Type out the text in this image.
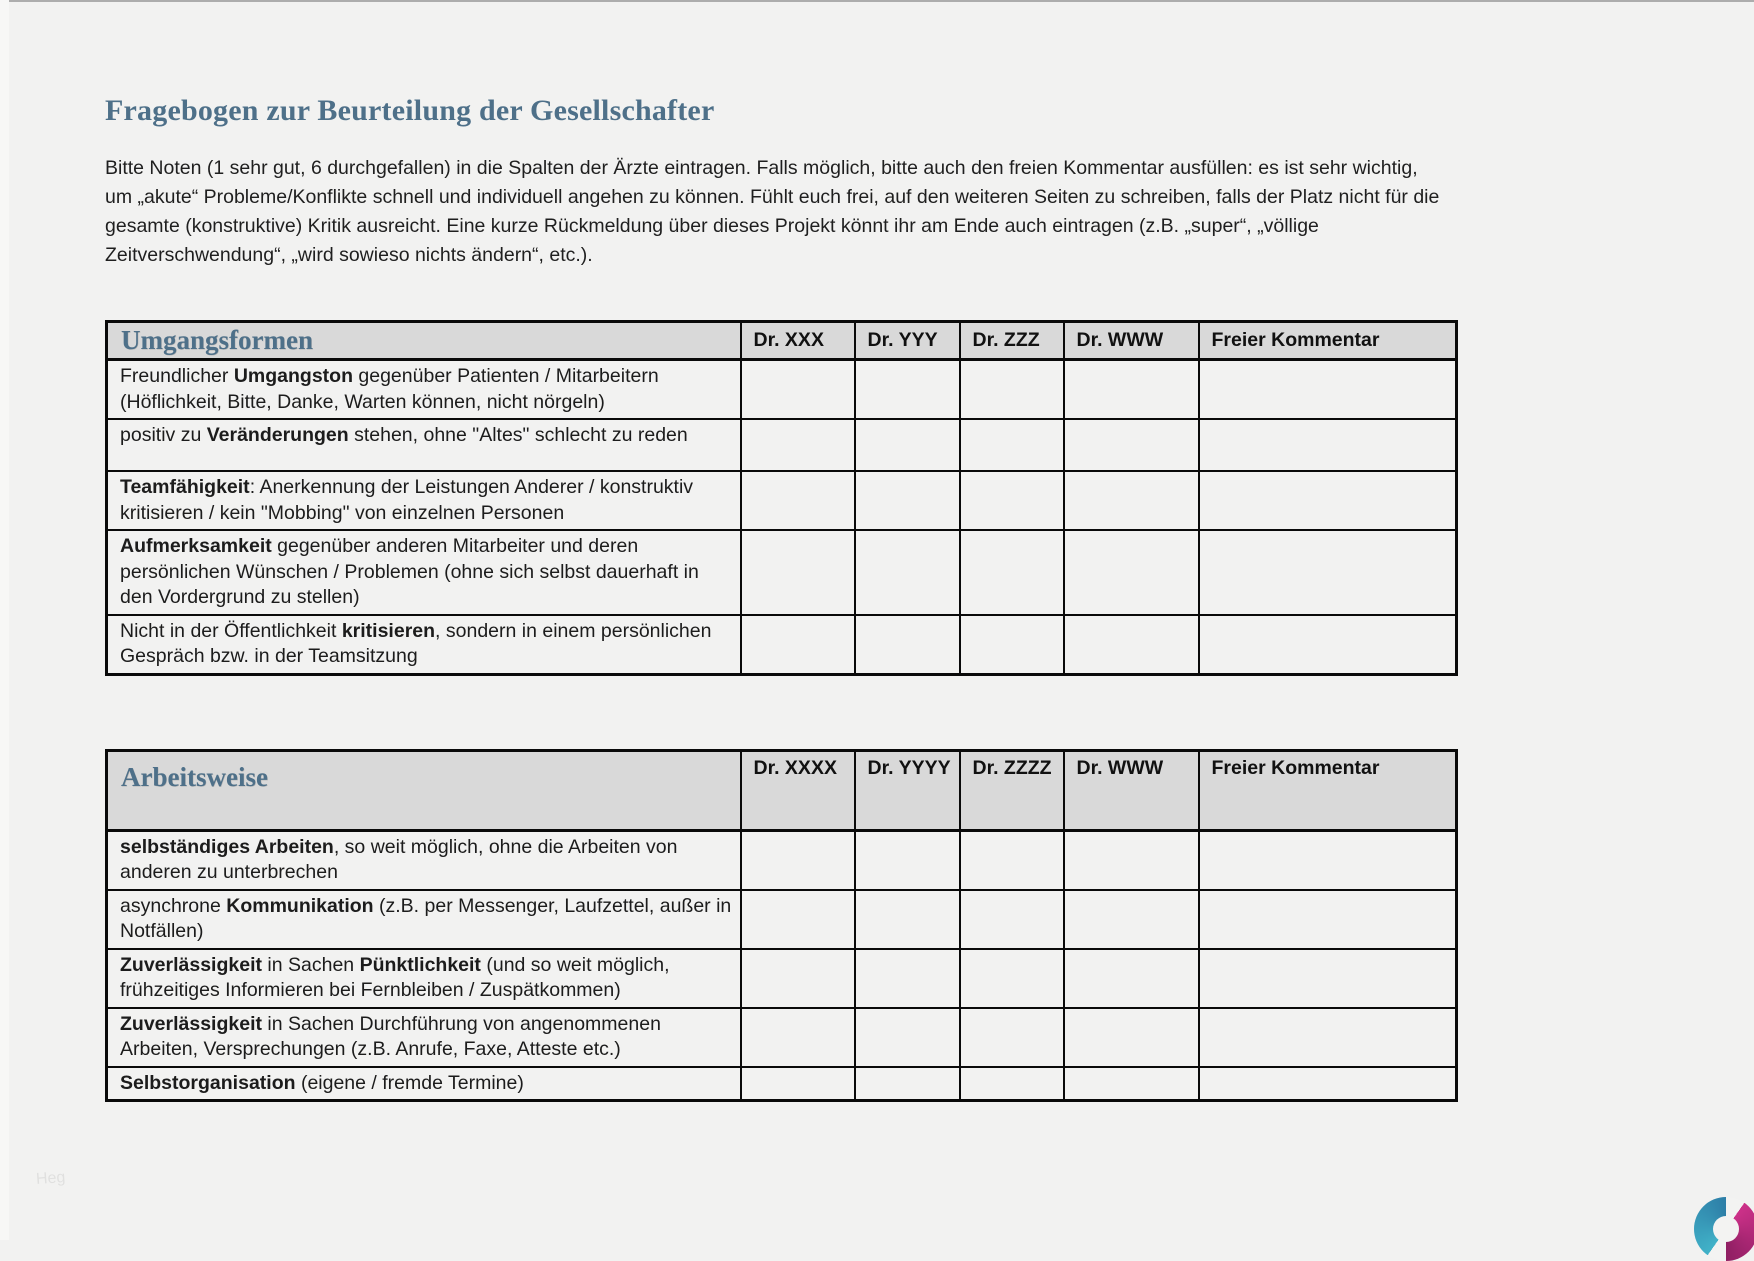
Fragebogen zur Beurteilung der Gesellschafter

Bitte Noten (1 sehr gut, 6 durchgefallen) in die Spalten der Ärzte eintragen. Falls möglich, bitte auch den freien Kommentar ausfüllen: es ist sehr wichtig, um „akute“ Probleme/Konflikte schnell und individuell angehen zu können. Fühlt euch frei, auf den weiteren Seiten zu schreiben, falls der Platz nicht für die gesamte (konstruktive) Kritik ausreicht. Eine kurze Rückmeldung über dieses Projekt könnt ihr am Ende auch eintragen (z.B. „super“, „völlige Zeitverschwendung“, „wird sowieso nichts ändern“, etc.).

Umgangsformen	Dr. XXX	Dr. YYY	Dr. ZZZ	Dr. WWW	Freier Kommentar
Freundlicher Umgangston gegenüber Patienten / Mitarbeitern (Höflichkeit, Bitte, Danke, Warten können, nicht nörgeln)					
positiv zu Veränderungen stehen, ohne "Altes" schlecht zu reden					
Teamfähigkeit: Anerkennung der Leistungen Anderer / konstruktiv kritisieren / kein "Mobbing" von einzelnen Personen					
Aufmerksamkeit gegenüber anderen Mitarbeiter und deren persönlichen Wünschen / Problemen (ohne sich selbst dauerhaft in den Vordergrund zu stellen)					
Nicht in der Öffentlichkeit kritisieren, sondern in einem persönlichen Gespräch bzw. in der Teamsitzung					
Arbeitsweise	Dr. XXXX	Dr. YYYY	Dr. ZZZZ	Dr. WWW	Freier Kommentar
selbständiges Arbeiten, so weit möglich, ohne die Arbeiten von anderen zu unterbrechen					
asynchrone Kommunikation (z.B. per Messenger, Laufzettel, außer in Notfällen)					
Zuverlässigkeit in Sachen Pünktlichkeit (und so weit möglich, frühzeitiges Informieren bei Fernbleiben / Zuspätkommen)					
Zuverlässigkeit in Sachen Durchführung von angenommenen Arbeiten, Versprechungen (z.B. Anrufe, Faxe, Atteste etc.)					
Selbstorganisation (eigene / fremde Termine)					
Heg
